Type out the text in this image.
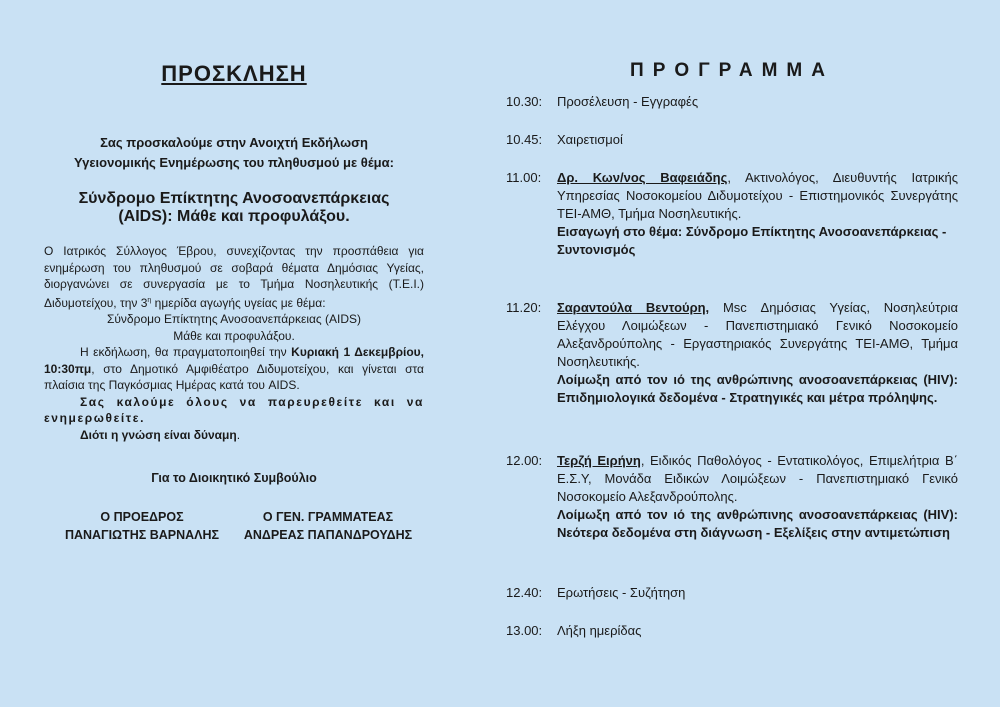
ΠΡΟΣΚΛΗΣΗ
Σας προσκαλούμε στην Ανοιχτή Εκδήλωση
Υγειονομικής Ενημέρωσης του πληθυσμού με θέμα:
Σύνδρομο Επίκτητης Ανοσοανεπάρκειας
(AIDS): Μάθε και προφυλάξου.

Ο Ιατρικός Σύλλογος Έβρου, συνεχίζοντας την προσπάθεια για ενημέρωση του πληθυσμού σε σοβαρά θέματα Δημόσιας Υγείας, διοργανώνει σε συνεργασία με το Τμήμα Νοσηλευτικής (Τ.Ε.Ι.) Διδυμοτείχου, την $3^\eta$ ημερίδα αγωγής υγείας με θέμα:

Σύνδρομο Επίκτητης Ανοσοανεπάρκειας (AIDS)

Μάθε και προφυλάξου.

Η εκδήλωση, θα πραγματοποιηθεί την Κυριακή 1 Δεκεμβρίου, 10:30πμ, στο Δημοτικό Αμφιθέατρο Διδυμοτείχου, και γίνεται στα πλαίσια της Παγκόσμιας Ημέρας κατά του AIDS.

Σας καλούμε όλους να παρευρεθείτε και να ενημερωθείτε.

Διότι η γνώση είναι δύναμη.

Για το Διοικητικό Συμβούλιο
Ο ΠΡΟΕΔΡΟΣ
ΠΑΝΑΓΙΩΤΗΣ ΒΑΡΝΑΛΗΣ
Ο ΓΕΝ. ΓΡΑΜΜΑΤΕΑΣ
ΑΝΔΡΕΑΣ ΠΑΠΑΝΔΡΟΥΔΗΣ
ΠΡΟΓΡΑΜΜΑ
10.30:	Προσέλευση - Εγγραφές
10.45:	Χαιρετισμοί
11.00:	Δρ. Κων/νος Βαφειάδης, Ακτινολόγος, Διευθυντής Ιατρικής Υπηρεσίας Νοσοκομείου Διδυμοτείχου - Επιστημονικός Συνεργάτης ΤΕΙ-ΑΜΘ, Τμήμα Νοσηλευτικής.
Εισαγωγή στο θέμα: Σύνδρομο Επίκτητης Ανοσοανεπάρκειας - Συντονισμός
11.20:	Σαραντούλα Βεντούρη, Msc Δημόσιας Υγείας, Νοσηλεύτρια Ελέγχου Λοιμώξεων - Πανεπιστημιακό Γενικό Νοσοκομείο Αλεξανδρούπολης - Εργαστηριακός Συνεργάτης ΤΕΙ-ΑΜΘ, Τμήμα Νοσηλευτικής.
Λοίμωξη από τον ιό της ανθρώπινης ανοσοανεπάρκειας (HIV): Επιδημιολογικά δεδομένα - Στρατηγικές και μέτρα πρόληψης.
12.00:	Τερζή Ειρήνη, Ειδικός Παθολόγος - Εντατικολόγος, Επιμελήτρια Β΄ Ε.Σ.Υ, Μονάδα Ειδικών Λοιμώξεων - Πανεπιστημιακό Γενικό Νοσοκομείο Αλεξανδρούπολης.
Λοίμωξη από τον ιό της ανθρώπινης ανοσοανεπάρκειας (HIV): Νεότερα δεδομένα στη διάγνωση - Εξελίξεις στην αντιμετώπιση
12.40:	Ερωτήσεις - Συζήτηση
13.00:	Λήξη ημερίδας
